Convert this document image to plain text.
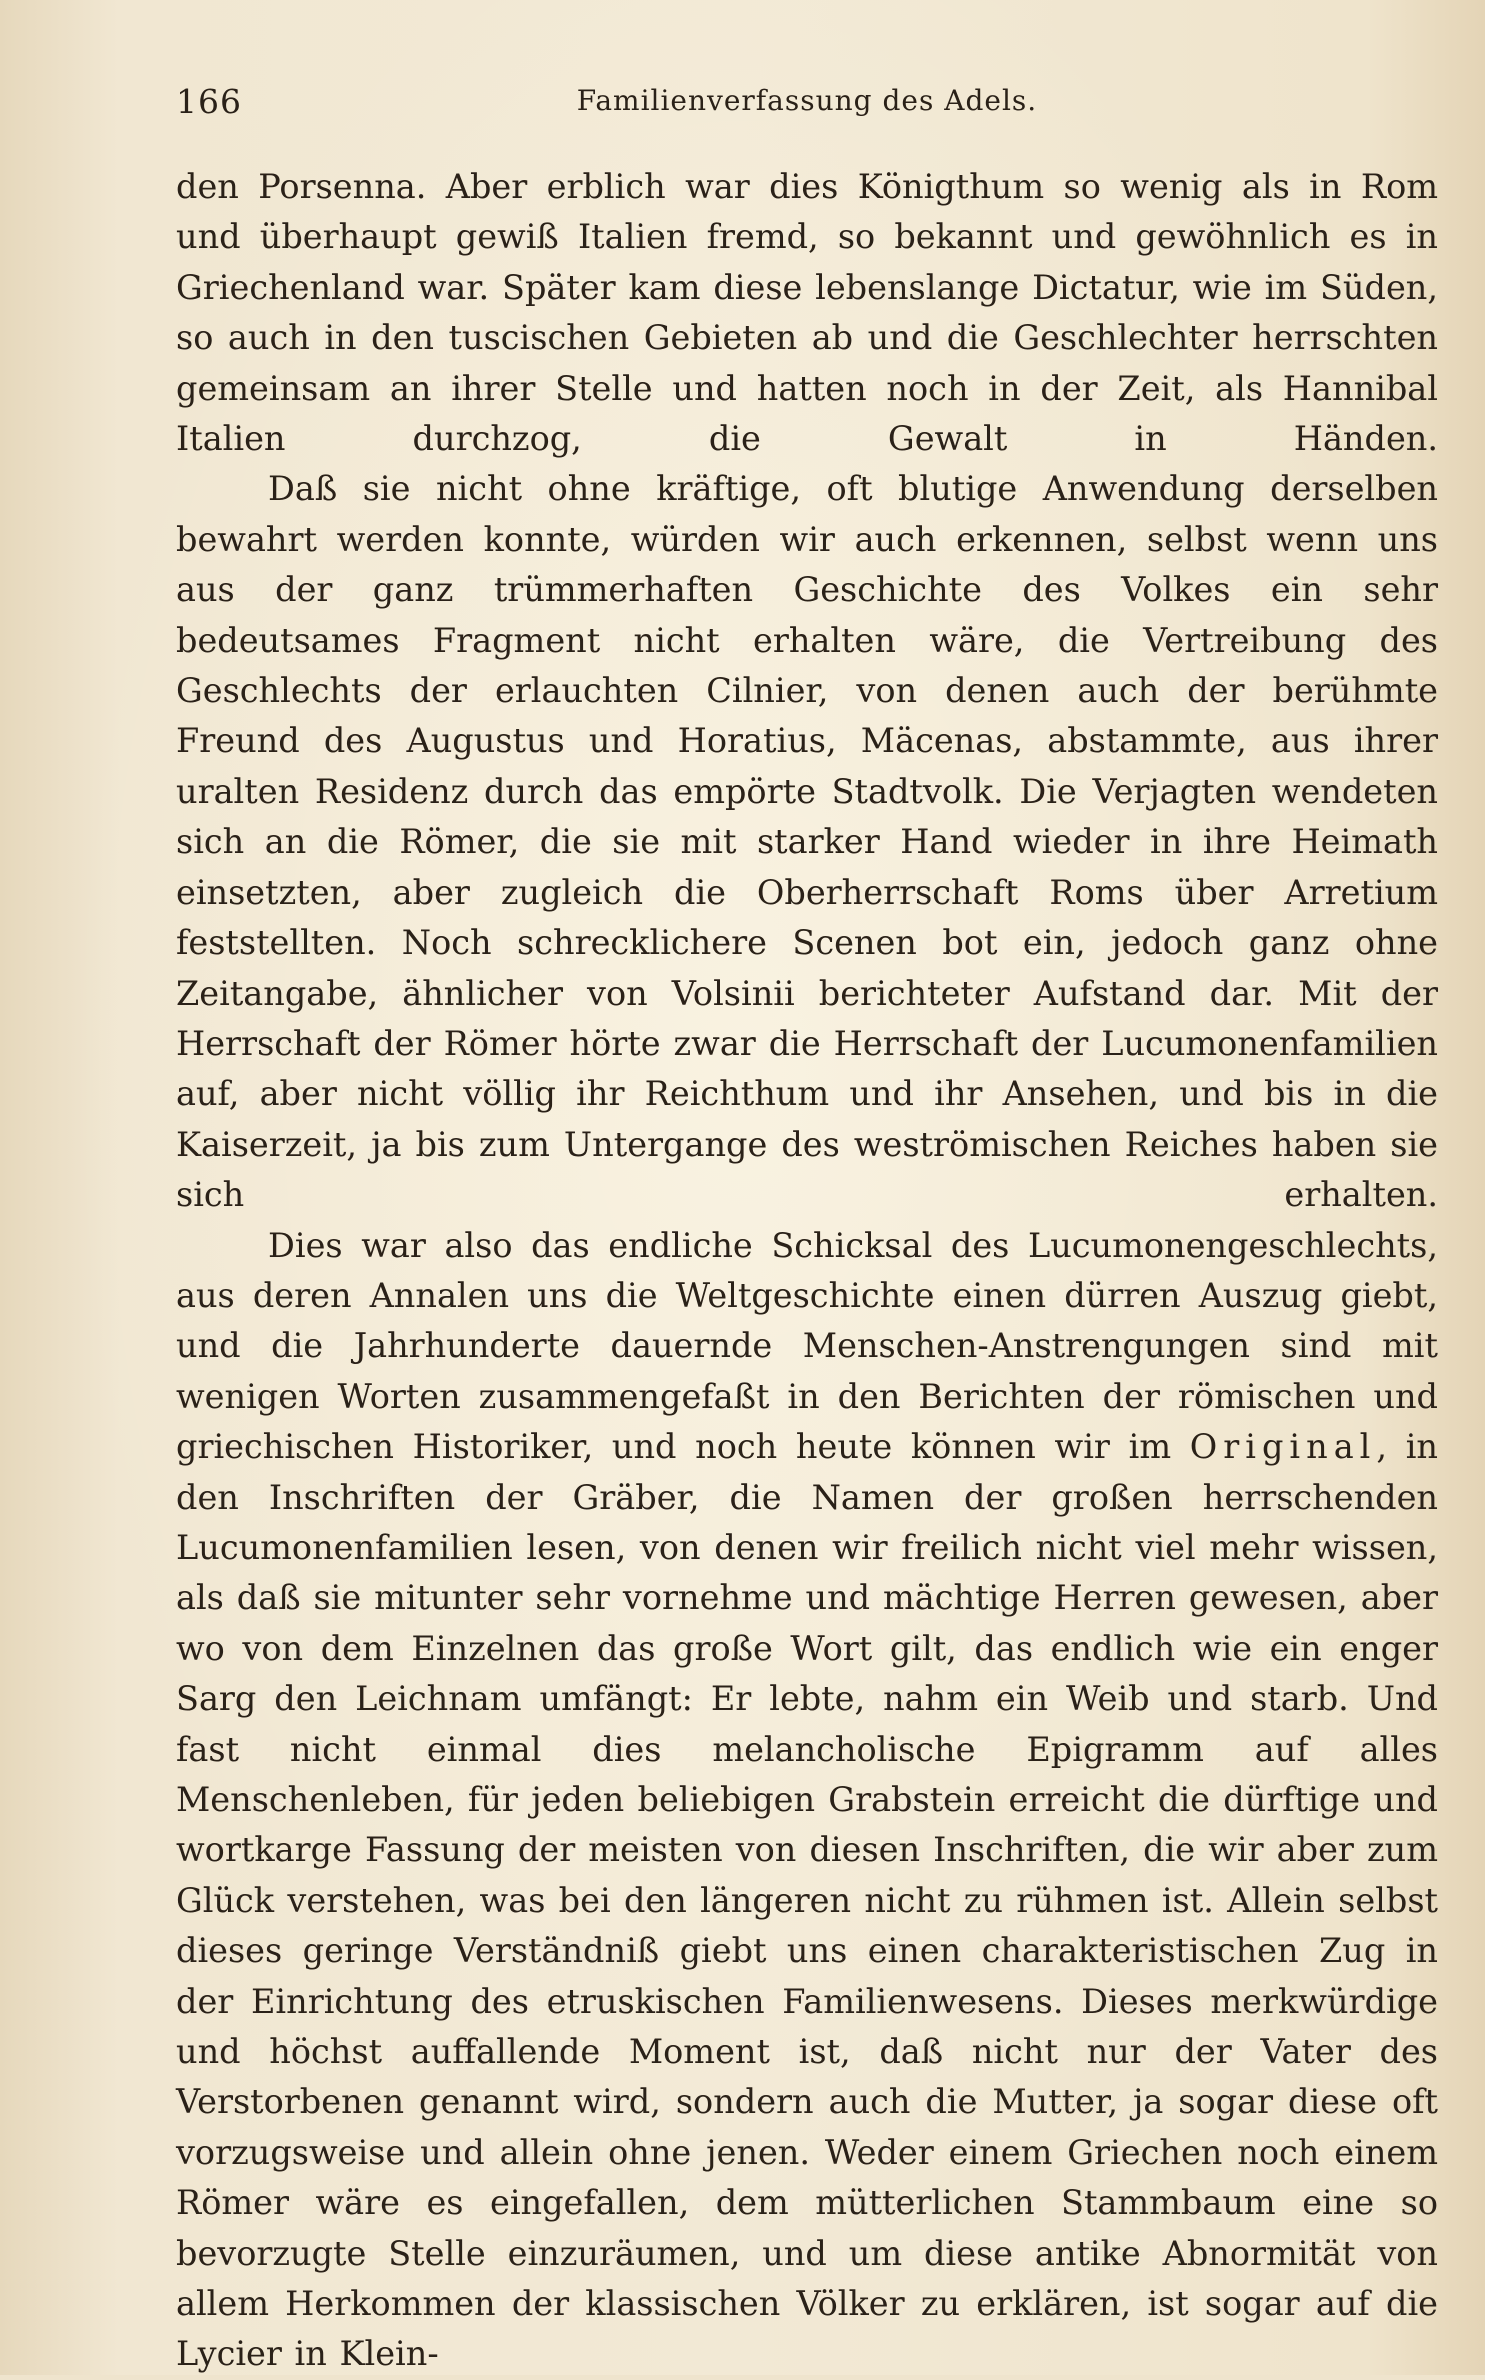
166	Familienverfassung des Adels.

den Porsenna. Aber erblich war dies Königthum so wenig als in Rom und überhaupt gewiß Italien fremd, so bekannt und gewöhnlich es in Griechenland war. Später kam diese lebenslange Dictatur, wie im Süden, so auch in den tuscischen Gebieten ab und die Geschlechter herrschten gemeinsam an ihrer Stelle und hatten noch in der Zeit, als Hannibal Italien durchzog, die Gewalt in Händen.

Daß sie nicht ohne kräftige, oft blutige Anwendung derselben bewahrt werden konnte, würden wir auch erkennen, selbst wenn uns aus der ganz trümmerhaften Geschichte des Volkes ein sehr bedeutsames Fragment nicht erhalten wäre, die Vertreibung des Geschlechts der erlauchten Cilnier, von denen auch der berühmte Freund des Augustus und Horatius, Mäcenas, abstammte, aus ihrer uralten Residenz durch das empörte Stadtvolk. Die Verjagten wendeten sich an die Römer, die sie mit starker Hand wieder in ihre Heimath einsetzten, aber zugleich die Oberherrschaft Roms über Arretium feststellten. Noch schrecklichere Scenen bot ein, jedoch ganz ohne Zeitangabe, ähnlicher von Volsinii berichteter Aufstand dar. Mit der Herrschaft der Römer hörte zwar die Herrschaft der Lucumonenfamilien auf, aber nicht völlig ihr Reichthum und ihr Ansehen, und bis in die Kaiserzeit, ja bis zum Untergange des weströmischen Reiches haben sie sich erhalten.

Dies war also das endliche Schicksal des Lucumonengeschlechts, aus deren Annalen uns die Weltgeschichte einen dürren Auszug giebt, und die Jahrhunderte dauernde Menschen-Anstrengungen sind mit wenigen Worten zusammengefaßt in den Berichten der römischen und griechischen Historiker, und noch heute können wir im Original, in den Inschriften der Gräber, die Namen der großen herrschenden Lucumonenfamilien lesen, von denen wir freilich nicht viel mehr wissen, als daß sie mitunter sehr vornehme und mächtige Herren gewesen, aber wo von dem Einzelnen das große Wort gilt, das endlich wie ein enger Sarg den Leichnam umfängt: Er lebte, nahm ein Weib und starb. Und fast nicht einmal dies melancholische Epigramm auf alles Menschenleben, für jeden beliebigen Grabstein erreicht die dürftige und wortkarge Fassung der meisten von diesen Inschriften, die wir aber zum Glück verstehen, was bei den längeren nicht zu rühmen ist. Allein selbst dieses geringe Verständniß giebt uns einen charakteristischen Zug in der Einrichtung des etruskischen Familienwesens. Dieses merkwürdige und höchst auffallende Moment ist, daß nicht nur der Vater des Verstorbenen genannt wird, sondern auch die Mutter, ja sogar diese oft vorzugsweise und allein ohne jenen. Weder einem Griechen noch einem Römer wäre es eingefallen, dem mütterlichen Stammbaum eine so bevorzugte Stelle einzuräumen, und um diese antike Abnormität von allem Herkommen der klassischen Völker zu erklären, ist sogar auf die Lycier in Klein-
